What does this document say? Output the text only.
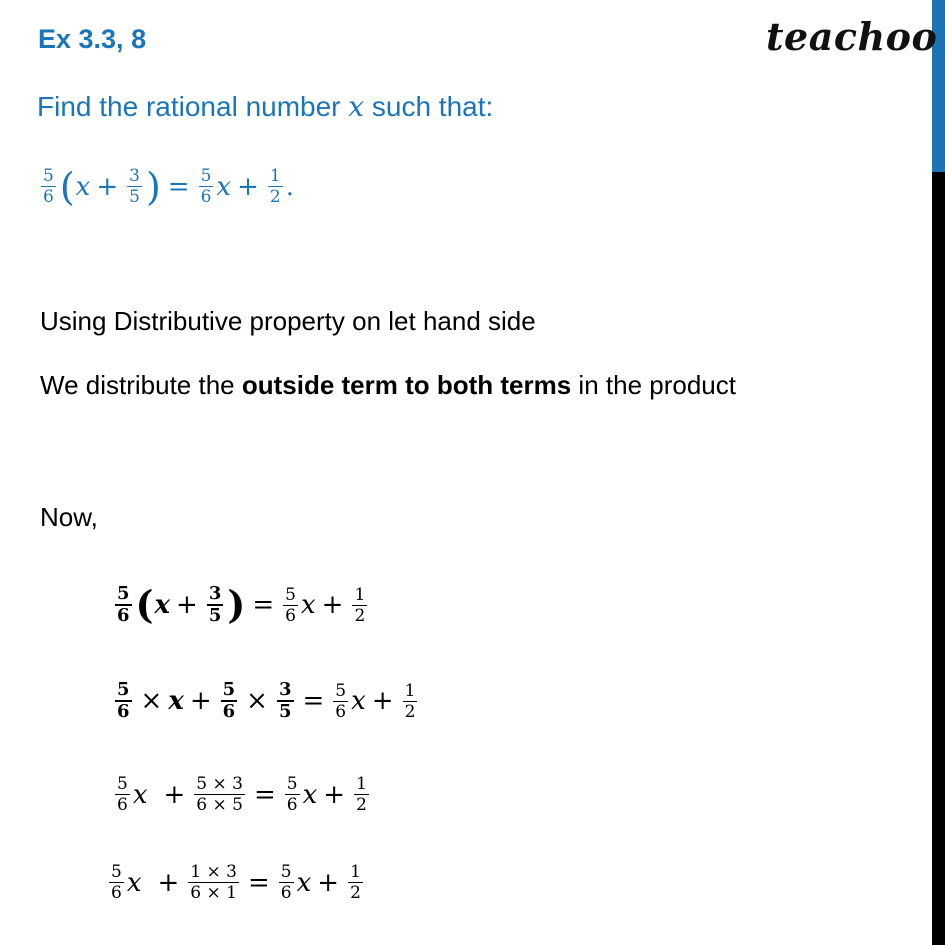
Ex 3.3, 8	teachoo
Find the rational number x such that:
$\frac{5}{6}$ ( $x + \frac{3}{5}$ ) = $\frac{5}{6}$ $x + \frac{1}{2}$ .
Using Distributive property on let hand side
We distribute the outside term to both terms in the product
Now,
$\frac{5}{6}$ ( $x + \frac{3}{5}$ ) = $\frac{5}{6}$ $x + \frac{1}{2}$
$\frac{5}{6} \times x + \frac{5}{6} \times \frac{3}{5} = \frac{5}{6}$ $x + \frac{1}{2}$
$\frac{5}{6}$ $x + \frac{5 \times 3}{6 \times 5} = \frac{5}{6}$ $x + \frac{1}{2}$
$\frac{5}{6}$ $x + \frac{1 \times 3}{6 \times 1} = \frac{5}{6}$ $x + \frac{1}{2}$
